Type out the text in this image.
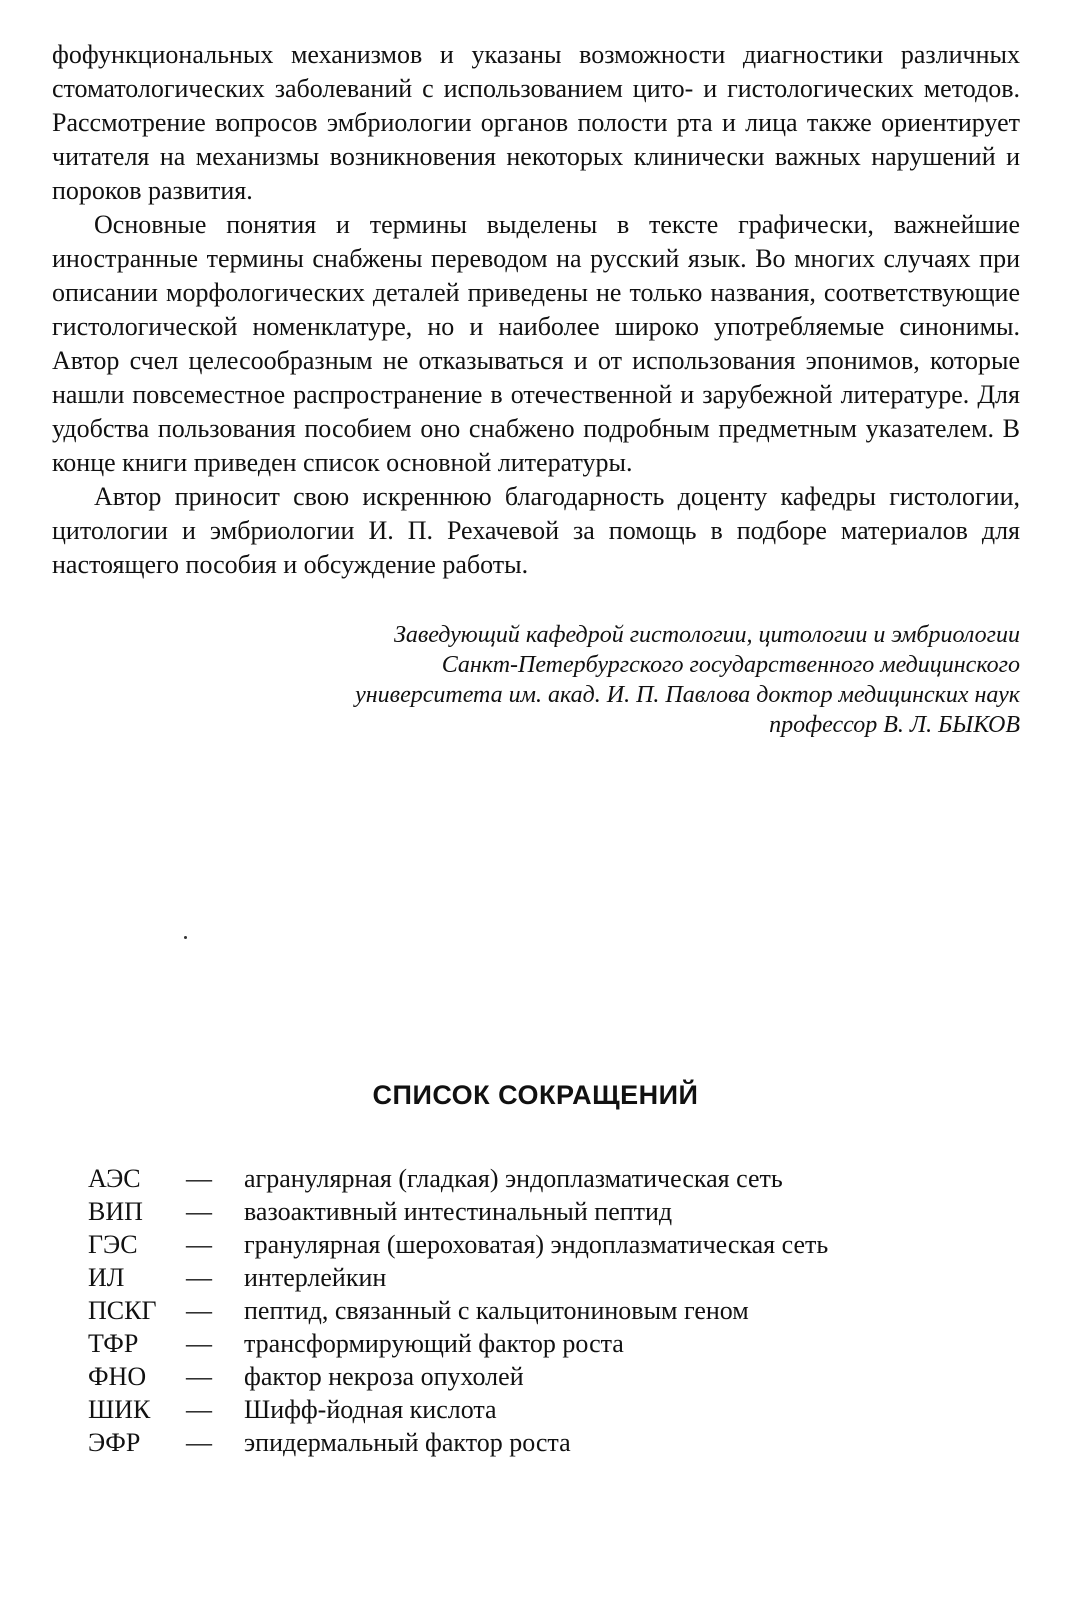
фофункциональных механизмов и указаны возможности диагностики различных стоматологических заболеваний с использованием цито- и гистологических методов. Рассмотрение вопросов эмбриологии органов полости рта и лица также ориентирует читателя на механизмы возникновения некоторых клинически важных нарушений и пороков развития.

Основные понятия и термины выделены в тексте графически, важнейшие иностранные термины снабжены переводом на русский язык. Во многих случаях при описании морфологических деталей приведены не только названия, соответствующие гистологической номенклатуре, но и наиболее широко употребляемые синонимы. Автор счел целесообразным не отказываться и от использования эпонимов, которые нашли повсеместное распространение в отечественной и зарубежной литературе. Для удобства пользования пособием оно снабжено подробным предметным указателем. В конце книги приведен список основной литературы.

Автор приносит свою искреннюю благодарность доценту кафедры гистологии, цитологии и эмбриологии И. П. Рехачевой за помощь в подборе материалов для настоящего пособия и обсуждение работы.

Заведующий кафедрой гистологии, цитологии и эмбриологии
Санкт-Петербургского государственного медицинского
университета им. акад. И. П. Павлова доктор медицинских наук
профессор В. Л. БЫКОВ
СПИСОК СОКРАЩЕНИЙ
АЭС	—	агранулярная (гладкая) эндоплазматическая сеть
ВИП	—	вазоактивный интестинальный пептид
ГЭС	—	гранулярная (шероховатая) эндоплазматическая сеть
ИЛ	—	интерлейкин
ПСКГ	—	пептид, связанный с кальцитониновым геном
ТФР	—	трансформирующий фактор роста
ФНО	—	фактор некроза опухолей
ШИК	—	Шифф-йодная кислота
ЭФР	—	эпидермальный фактор роста
